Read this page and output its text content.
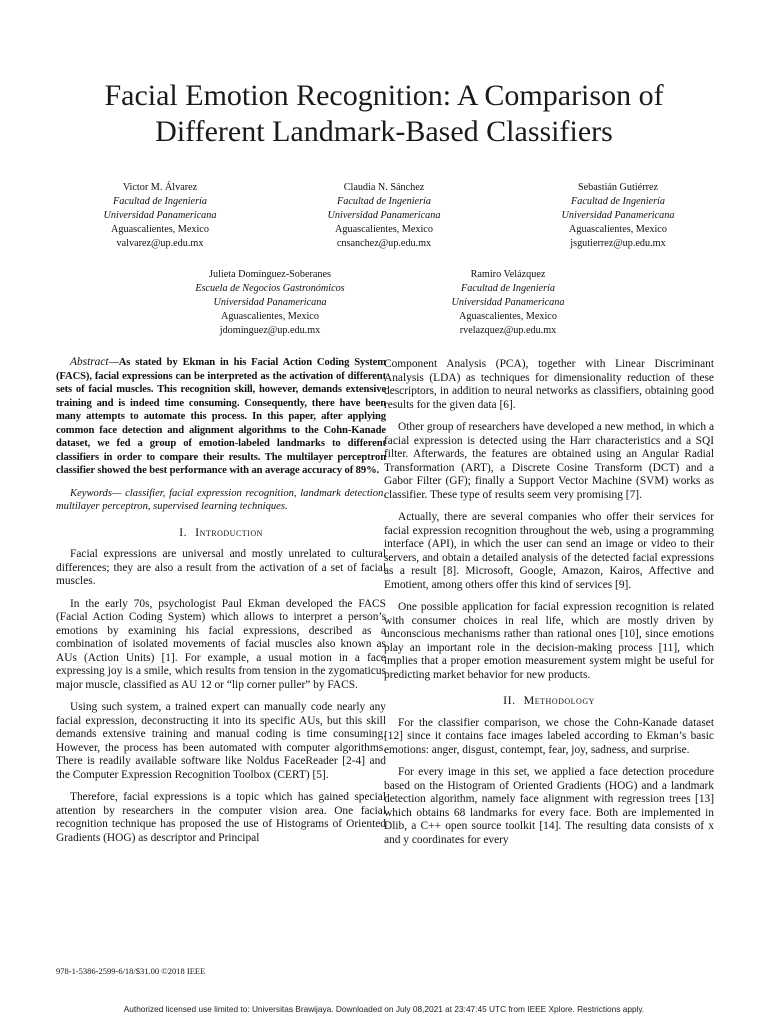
Facial Emotion Recognition: A Comparison of
Different Landmark-Based Classifiers
Victor M. Álvarez
Facultad de Ingeniería
Universidad Panamericana
Aguascalientes, Mexico
valvarez@up.edu.mx
Claudia N. Sánchez
Facultad de Ingeniería
Universidad Panamericana
Aguascalientes, Mexico
cnsanchez@up.edu.mx
Sebastián Gutiérrez
Facultad de Ingeniería
Universidad Panamericana
Aguascalientes, Mexico
jsgutierrez@up.edu.mx
Julieta Domínguez-Soberanes
Escuela de Negocios Gastronómicos
Universidad Panamericana
Aguascalientes, Mexico
jdominguez@up.edu.mx
Ramiro Velázquez
Facultad de Ingeniería
Universidad Panamericana
Aguascalientes, Mexico
rvelazquez@up.edu.mx

Abstract—As stated by Ekman in his Facial Action Coding System (FACS), facial expressions can be interpreted as the activation of different sets of facial muscles. This recognition skill, however, demands extensive training and is indeed time consuming. Consequently, there have been many attempts to automate this process. In this paper, after applying common face detection and alignment algorithms to the Cohn-Kanade dataset, we fed a group of emotion-labeled landmarks to different classifiers in order to compare their results. The multilayer perceptron classifier showed the best performance with an average accuracy of 89%.

Keywords— classifier, facial expression recognition, landmark detection, multilayer perceptron, supervised learning techniques.

I. Introduction

Facial expressions are universal and mostly unrelated to cultural differences; they are also a result from the activation of a set of facial muscles.

In the early 70s, psychologist Paul Ekman developed the FACS (Facial Action Coding System) which allows to interpret a person’s emotions by examining his facial expressions, described as a combination of isolated movements of facial muscles also known as AUs (Action Units) [1]. For example, a usual motion in a face expressing joy is a smile, which results from tension in the zygomaticus major muscle, classified as AU 12 or “lip corner puller” by FACS.

Using such system, a trained expert can manually code nearly any facial expression, deconstructing it into its specific AUs, but this skill demands extensive training and manual coding is time consuming. However, the process has been automated with computer algorithms. There is readily available software like Noldus FaceReader [2-4] and the Computer Expression Recognition Toolbox (CERT) [5].

Therefore, facial expressions is a topic which has gained special attention by researchers in the computer vision area. One facial recognition technique has proposed the use of Histograms of Oriented Gradients (HOG) as descriptor and Principal

Component Analysis (PCA), together with Linear Discriminant Analysis (LDA) as techniques for dimensionality reduction of these descriptors, in addition to neural networks as classifiers, obtaining good results for the given data [6].

Other group of researchers have developed a new method, in which a facial expression is detected using the Harr characteristics and a SQI filter. Afterwards, the features are obtained using an Angular Radial Transformation (ART), a Discrete Cosine Transform (DCT) and a Gabor Filter (GF); finally a Support Vector Machine (SVM) works as classifier. These type of results seem very promising [7].

Actually, there are several companies who offer their services for facial expression recognition throughout the web, using a programming interface (API), in which the user can send an image or video to their servers, and obtain a detailed analysis of the detected facial expressions as a result [8]. Microsoft, Google, Amazon, Kairos, Affective and Emotient, among others offer this kind of services [9].

One possible application for facial expression recognition is related with consumer choices in real life, which are mostly driven by unconscious mechanisms rather than rational ones [10], since emotions play an important role in the decision-making process [11], which implies that a proper emotion measurement system might be useful for predicting market behavior for new products.

II. Methodology

For the classifier comparison, we chose the Cohn-Kanade dataset [12] since it contains face images labeled according to Ekman’s basic emotions: anger, disgust, contempt, fear, joy, sadness, and surprise.

For every image in this set, we applied a face detection procedure based on the Histogram of Oriented Gradients (HOG) and a landmark detection algorithm, namely face alignment with regression trees [13] which obtains 68 landmarks for every face. Both are implemented in Dlib, a C++ open source toolkit [14]. The resulting data consists of x and y coordinates for every

978-1-5386-2599-6/18/$31.00 ©2018 IEEE
Authorized licensed use limited to: Universitas Brawijaya. Downloaded on July 08,2021 at 23:47:45 UTC from IEEE Xplore. Restrictions apply.
